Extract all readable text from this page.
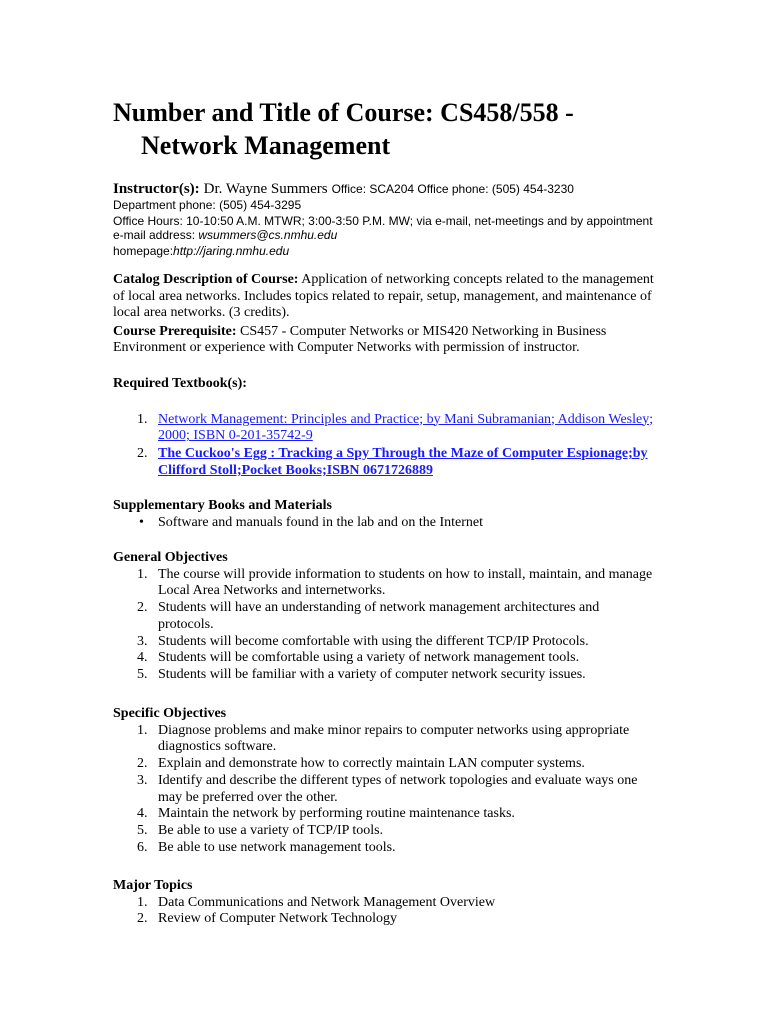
Number and Title of Course: CS458/558 -
Network Management
Instructor(s): Dr. Wayne Summers Office: SCA204 Office phone: (505) 454-3230
Department phone: (505) 454-3295
Office Hours: 10-10:50 A.M. MTWR; 3:00-3:50 P.M. MW; via e-mail, net-meetings and by appointment
e-mail address: wsummers@cs.nmhu.edu
homepage:http://jaring.nmhu.edu

Catalog Description of Course: Application of networking concepts related to the management of local area networks. Includes topics related to repair, setup, management, and maintenance of local area networks. (3 credits).

Course Prerequisite: CS457 - Computer Networks or MIS420 Networking in Business Environment or experience with Computer Networks with permission of instructor.

Required Textbook(s):

1. Network Management: Principles and Practice; by Mani Subramanian; Addison Wesley; 2000; ISBN 0-201-35742-9
2. The Cuckoo's Egg : Tracking a Spy Through the Maze of Computer Espionage;by Clifford Stoll;Pocket Books;ISBN 0671726889

Supplementary Books and Materials

• Software and manuals found in the lab and on the Internet

General Objectives

1. The course will provide information to students on how to install, maintain, and manage Local Area Networks and internetworks.
2. Students will have an understanding of network management architectures and protocols.
3. Students will become comfortable with using the different TCP/IP Protocols.
4. Students will be comfortable using a variety of network management tools.
5. Students will be familiar with a variety of computer network security issues.

Specific Objectives

1. Diagnose problems and make minor repairs to computer networks using appropriate diagnostics software.
2. Explain and demonstrate how to correctly maintain LAN computer systems.
3. Identify and describe the different types of network topologies and evaluate ways one may be preferred over the other.
4. Maintain the network by performing routine maintenance tasks.
5. Be able to use a variety of TCP/IP tools.
6. Be able to use network management tools.

Major Topics

1. Data Communications and Network Management Overview
2. Review of Computer Network Technology
